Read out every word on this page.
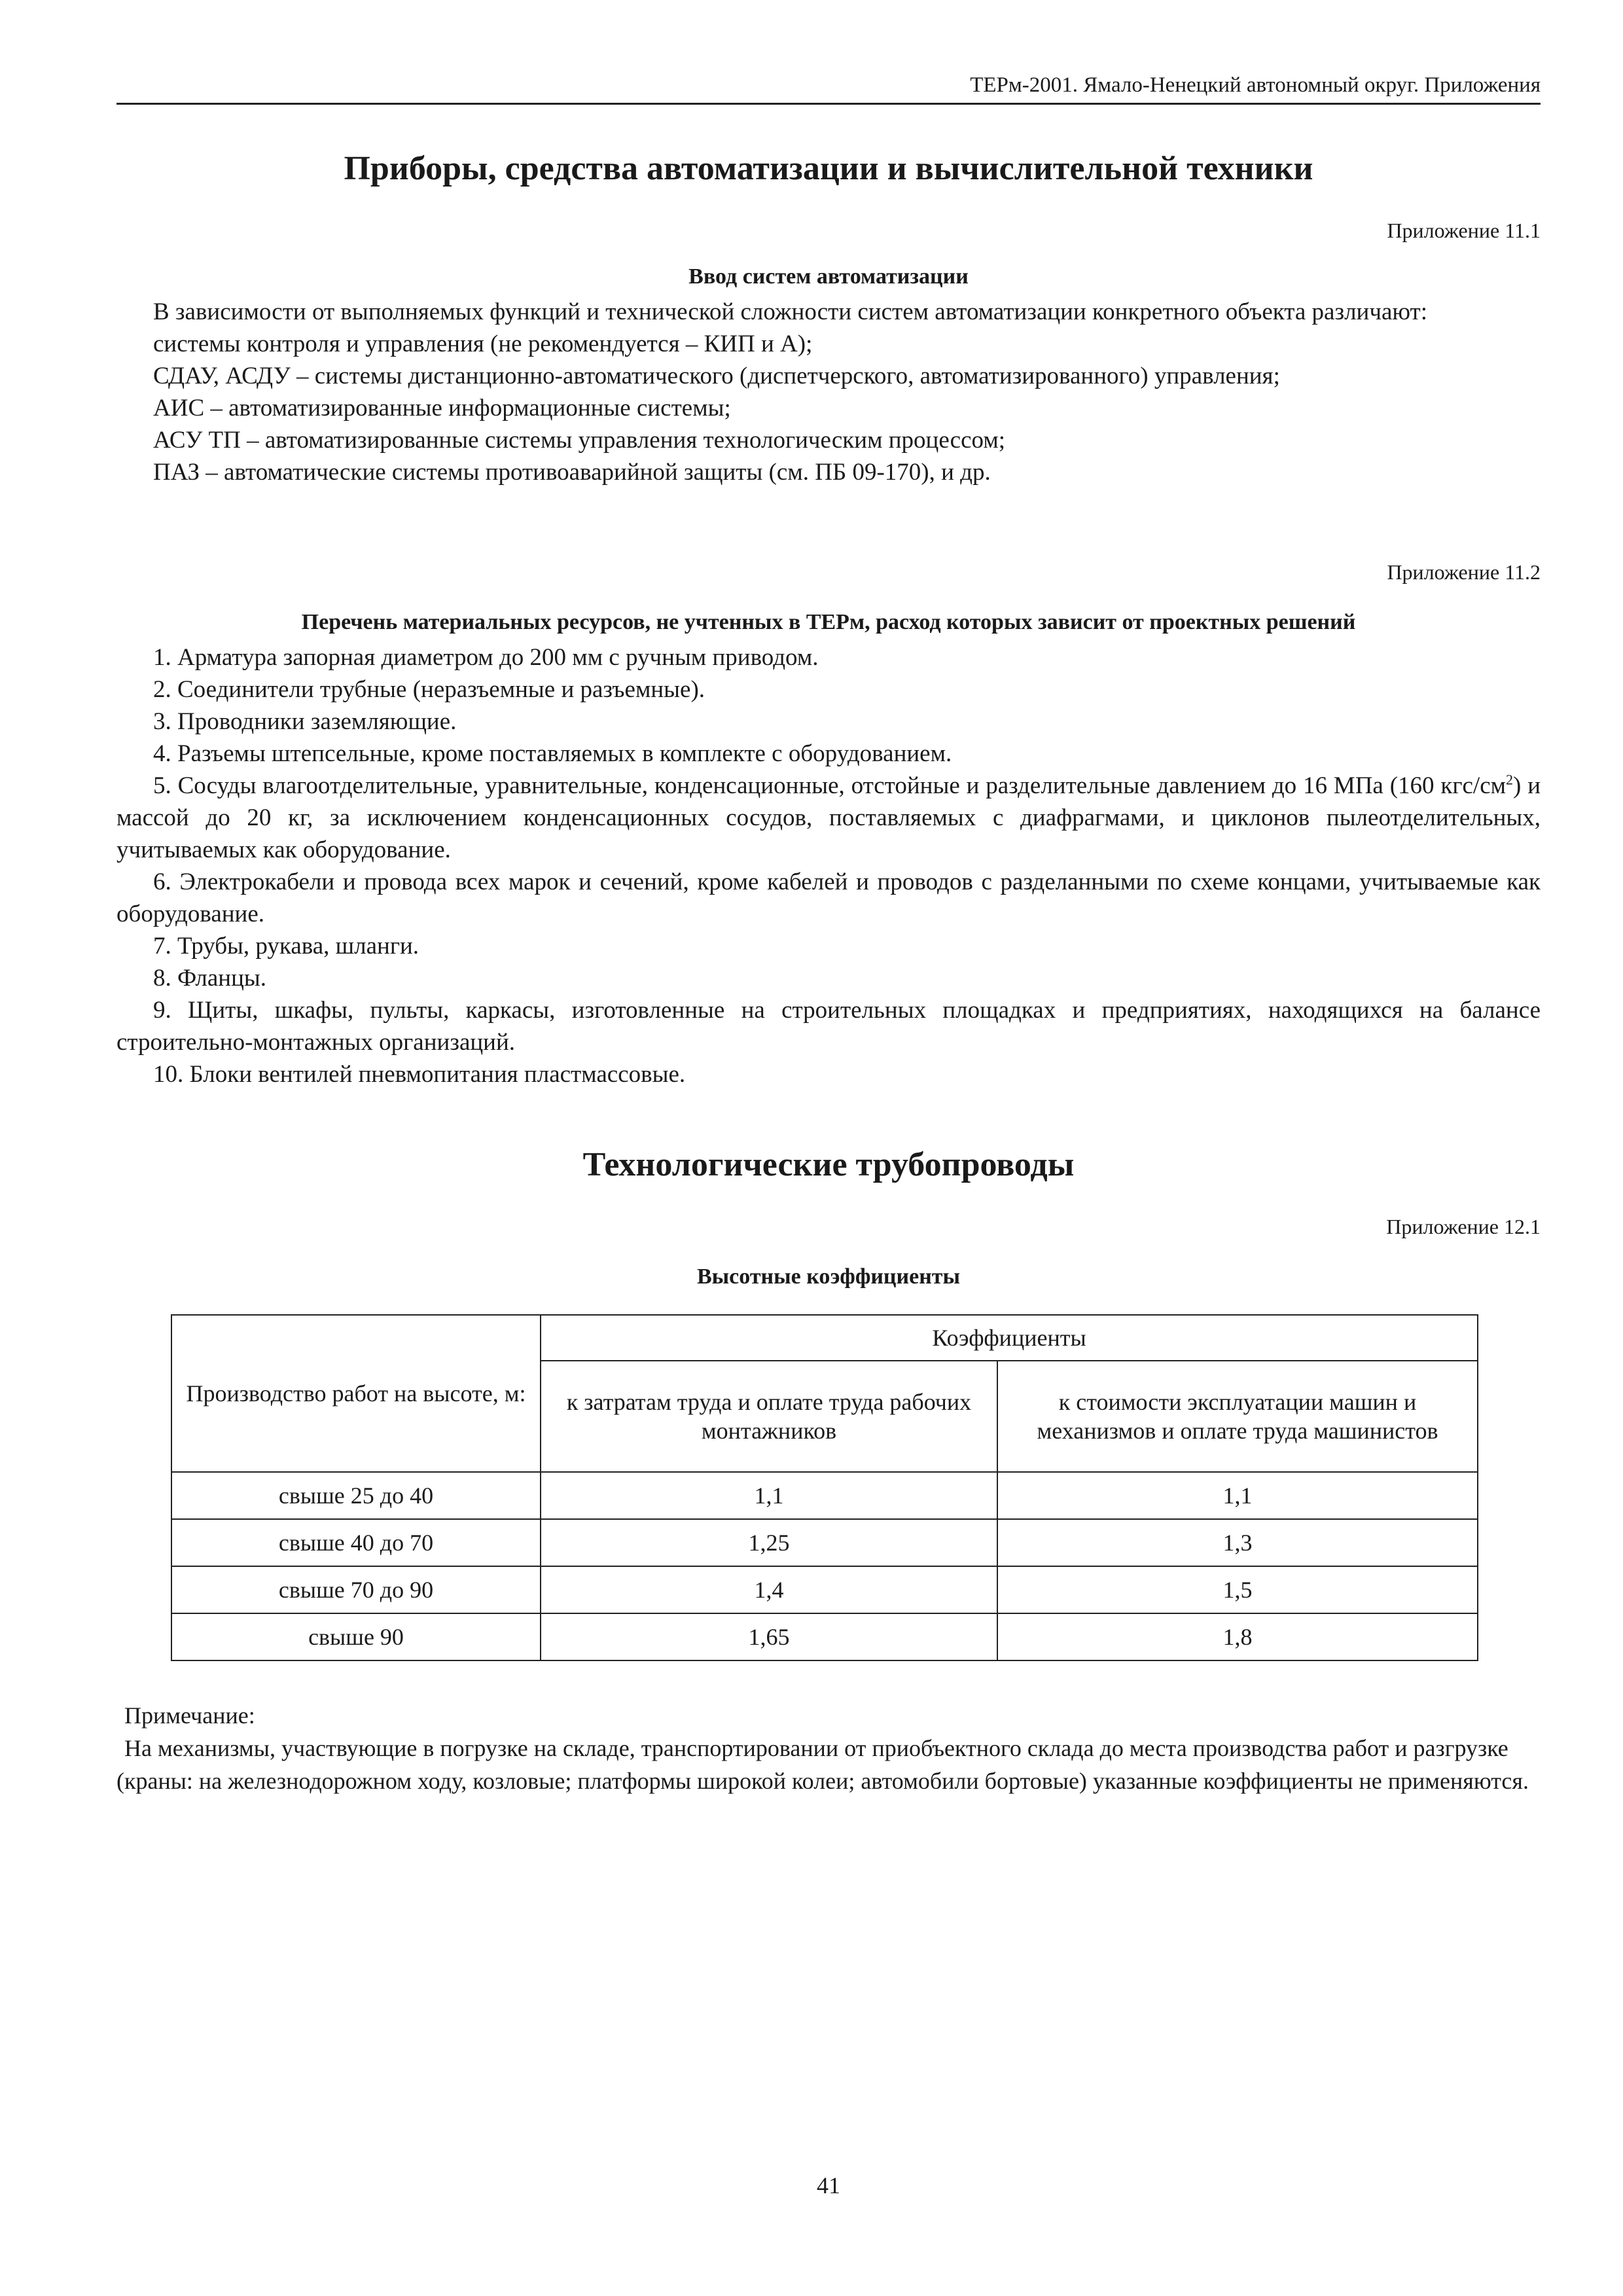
ТЕРм-2001. Ямало-Ненецкий автономный округ. Приложения
Приборы, средства автоматизации и вычислительной техники
Приложение 11.1
Ввод систем автоматизации

В зависимости от выполняемых функций и технической сложности систем автоматизации конкретного объекта различают:

системы контроля и управления (не рекомендуется – КИП и А);
СДАУ, АСДУ – системы дистанционно-автоматического (диспетчерского, автоматизированного) управления;
АИС – автоматизированные информационные системы;
АСУ ТП – автоматизированные системы управления технологическим процессом;
ПАЗ – автоматические системы противоаварийной защиты (см. ПБ 09-170), и др.
Приложение 11.2
Перечень материальных ресурсов, не учтенных в ТЕРм, расход которых зависит от проектных решений

1. Арматура запорная диаметром до 200 мм с ручным приводом.

2. Соединители трубные (неразъемные и разъемные).

3. Проводники заземляющие.

4. Разъемы штепсельные, кроме поставляемых в комплекте с оборудованием.

5. Сосуды влагоотделительные, уравнительные, конденсационные, отстойные и разделительные давлением до 16 МПа (160 кгс/$см^2$) и массой до 20 кг, за исключением конденсационных сосудов, поставляемых с диафрагмами, и циклонов пылеотделительных, учитываемых как оборудование.

6. Электрокабели и провода всех марок и сечений, кроме кабелей и проводов с разделанными по схеме концами, учитываемые как оборудование.

7. Трубы, рукава, шланги.

8. Фланцы.

9. Щиты, шкафы, пульты, каркасы, изготовленные на строительных площадках и предприятиях, находящихся на балансе строительно-монтажных организаций.

10. Блоки вентилей пневмопитания пластмассовые.

Технологические трубопроводы
Приложение 12.1
Высотные коэффициенты
Производство работ на высоте, м:	Коэффициенты	
	к затратам труда и оплате труда рабочих монтажников	к стоимости эксплуатации машин и механизмов и оплате труда машинистов
свыше 25 до 40	1,1	1,1
свыше 40 до 70	1,25	1,3
свыше 70 до 90	1,4	1,5
свыше 90	1,65	1,8

Примечание:

На механизмы, участвующие в погрузке на складе, транспортировании от приобъектного склада до места производства работ и разгрузке (краны: на железнодорожном ходу, козловые; платформы широкой колеи; автомобили бортовые) указанные коэффициенты не применяются.

41
